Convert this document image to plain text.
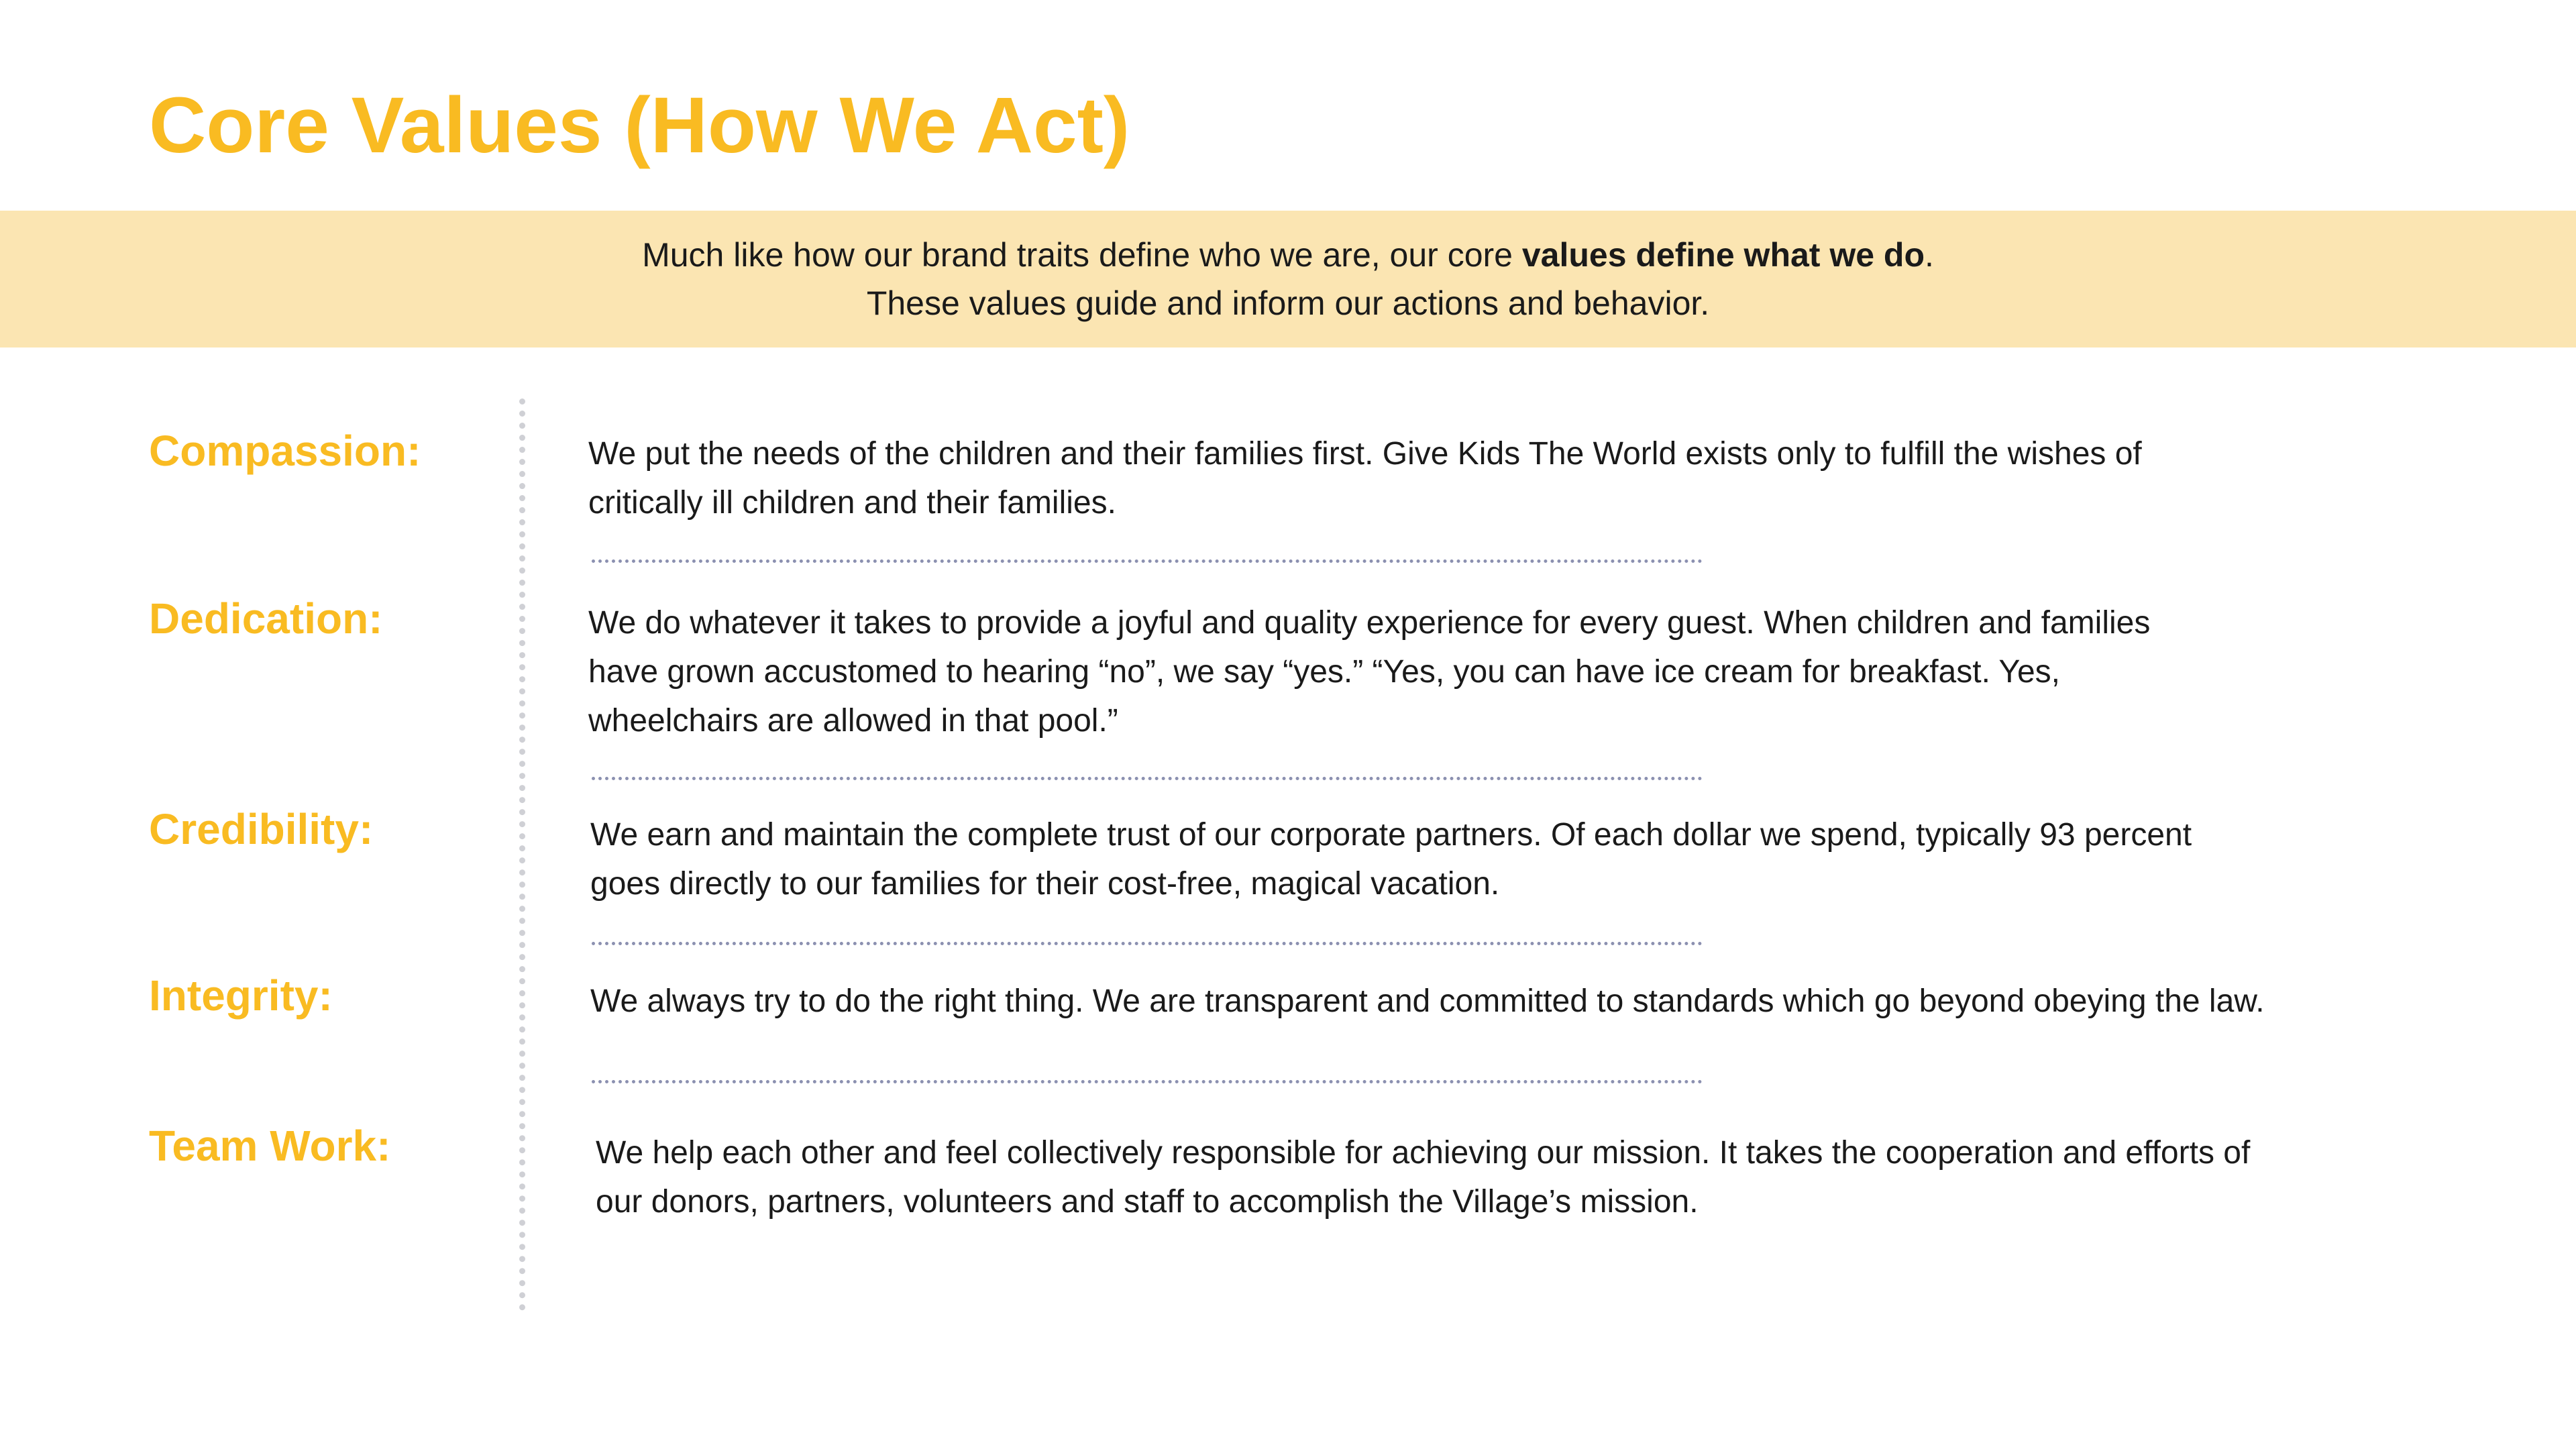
Core Values (How We Act)
Much like how our brand traits define who we are, our core values define what we do.
These values guide and inform our actions and behavior.
Compassion:	We put the needs of the children and their families first. Give Kids The World exists only to fulfill the wishes of
critically ill children and their families.
Dedication:	We do whatever it takes to provide a joyful and quality experience for every guest. When children and families
have grown accustomed to hearing “no”, we say “yes.” “Yes, you can have ice cream for breakfast. Yes,
wheelchairs are allowed in that pool.”
Credibility:	We earn and maintain the complete trust of our corporate partners. Of each dollar we spend, typically 93 percent
goes directly to our families for their cost-free, magical vacation.
Integrity:	We always try to do the right thing. We are transparent and committed to standards which go beyond obeying the law.
Team Work:	We help each other and feel collectively responsible for achieving our mission. It takes the cooperation and efforts of
our donors, partners, volunteers and staff to accomplish the Village’s mission.
